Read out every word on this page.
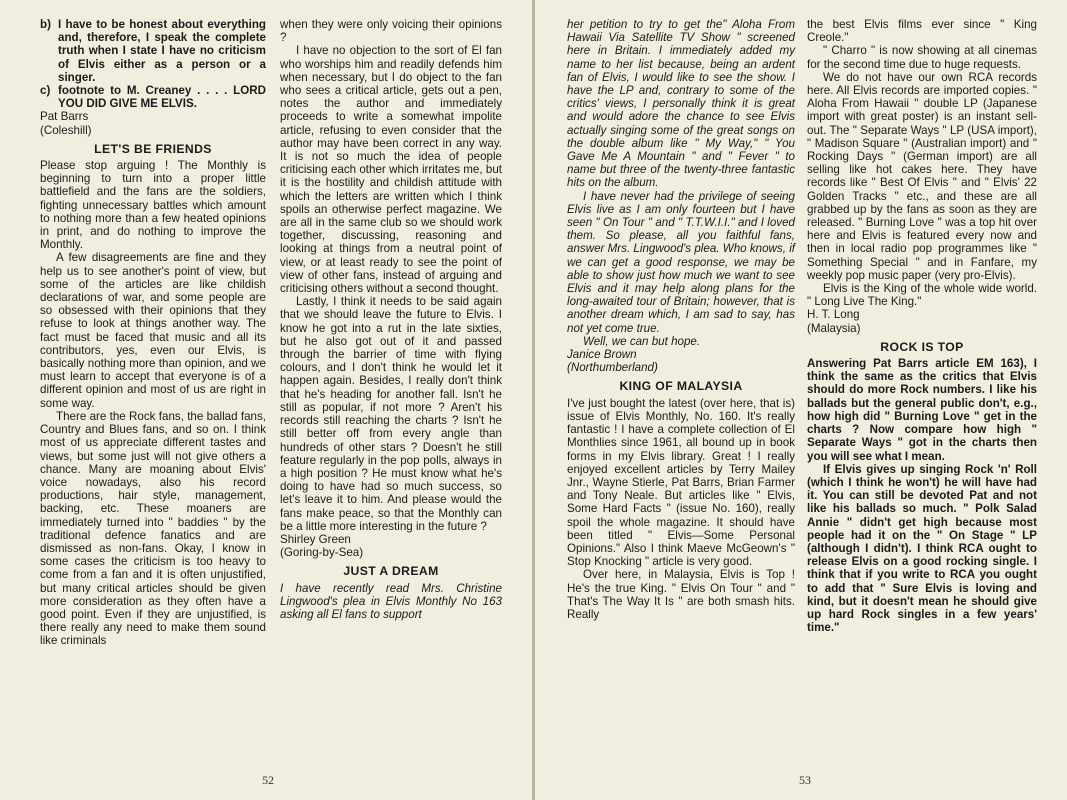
b) I have to be honest about everything and, therefore, I speak the complete truth when I state I have no criticism of Elvis either as a person or a singer.
c) footnote to M. Creaney . . . . LORD YOU DID GIVE ME ELVIS.

Pat Barrs

(Coleshill)

LET'S BE FRIENDS

Please stop arguing ! The Monthly is beginning to turn into a proper little battlefield and the fans are the soldiers, fighting unnecessary battles which amount to nothing more than a few heated opinions in print, and do nothing to improve the Monthly.

A few disagreements are fine and they help us to see another's point of view, but some of the articles are like childish declarations of war, and some people are so obsessed with their opinions that they refuse to look at things another way. The fact must be faced that music and all its contributors, yes, even our Elvis, is basically nothing more than opinion, and we must learn to accept that everyone is of a different opinion and most of us are right in some way.

There are the Rock fans, the ballad fans, Country and Blues fans, and so on. I think most of us appreciate different tastes and views, but some just will not give others a chance. Many are moaning about Elvis' voice nowadays, also his record productions, hair style, management, backing, etc. These moaners are immediately turned into " baddies " by the traditional defence fanatics and are dismissed as non-fans. Okay, I know in some cases the criticism is too heavy to come from a fan and it is often unjustified, but many critical articles should be given more consideration as they often have a good point. Even if they are unjustified, is there really any need to make them sound like criminals

when they were only voicing their opinions ?

I have no objection to the sort of El fan who worships him and readily defends him when necessary, but I do object to the fan who sees a critical article, gets out a pen, notes the author and immediately proceeds to write a somewhat impolite article, refusing to even consider that the author may have been correct in any way. It is not so much the idea of people criticising each other which irritates me, but it is the hostility and childish attitude with which the letters are written which I think spoils an otherwise perfect magazine. We are all in the same club so we should work together, discussing, reasoning and looking at things from a neutral point of view, or at least ready to see the point of view of other fans, instead of arguing and criticising others without a second thought.

Lastly, I think it needs to be said again that we should leave the future to Elvis. I know he got into a rut in the late sixties, but he also got out of it and passed through the barrier of time with flying colours, and I don't think he would let it happen again. Besides, I really don't think that he's heading for another fall. Isn't he still as popular, if not more ? Aren't his records still reaching the charts ? Isn't he still better off from every angle than hundreds of other stars ? Doesn't he still feature regularly in the pop polls, always in a high position ? He must know what he's doing to have had so much success, so let's leave it to him. And please would the fans make peace, so that the Monthly can be a little more interesting in the future ?

Shirley Green

(Goring-by-Sea)

JUST A DREAM

I have recently read Mrs. Christine Lingwood's plea in Elvis Monthly No 163 asking all El fans to support

52

her petition to try to get the" Aloha From Hawaii Via Satellite TV Show " screened here in Britain. I immediately added my name to her list because, being an ardent fan of Elvis, I would like to see the show. I have the LP and, contrary to some of the critics' views, I personally think it is great and would adore the chance to see Elvis actually singing some of the great songs on the double album like " My Way," " You Gave Me A Mountain " and " Fever " to name but three of the twenty-three fantastic hits on the album.

I have never had the privilege of seeing Elvis live as I am only fourteen but I have seen " On Tour " and " T.T.W.I.I." and I loved them. So please, all you faithful fans, answer Mrs. Lingwood's plea. Who knows, if we can get a good response, we may be able to show just how much we want to see Elvis and it may help along plans for the long-awaited tour of Britain; however, that is another dream which, I am sad to say, has not yet come true.

Well, we can but hope.

Janice Brown

(Northumberland)

KING OF MALAYSIA

I've just bought the latest (over here, that is) issue of Elvis Monthly, No. 160. It's really fantastic ! I have a complete collection of El Monthlies since 1961, all bound up in book forms in my Elvis library. Great ! I really enjoyed excellent articles by Terry Mailey Jnr., Wayne Stierle, Pat Barrs, Brian Farmer and Tony Neale. But articles like " Elvis, Some Hard Facts " (issue No. 160), really spoil the whole magazine. It should have been titled " Elvis—Some Personal Opinions." Also I think Maeve McGeown's " Stop Knocking " article is very good.

Over here, in Malaysia, Elvis is Top ! He's the true King. " Elvis On Tour " and " That's The Way It Is " are both smash hits. Really

the best Elvis films ever since " King Creole."

" Charro " is now showing at all cinemas for the second time due to huge requests.

We do not have our own RCA records here. All Elvis records are imported copies. " Aloha From Hawaii " double LP (Japanese import with great poster) is an instant sell-out. The " Separate Ways " LP (USA import), " Madison Square " (Australian import) and " Rocking Days " (German import) are all selling like hot cakes here. They have records like " Best Of Elvis " and " Elvis' 22 Golden Tracks " etc., and these are all grabbed up by the fans as soon as they are released. " Burning Love " was a top hit over here and Elvis is featured every now and then in local radio pop programmes like " Something Special " and in Fanfare, my weekly pop music paper (very pro-Elvis).

Elvis is the King of the whole wide world. " Long Live The King."

H. T. Long

(Malaysia)

ROCK IS TOP

Answering Pat Barrs article EM 163), I think the same as the critics that Elvis should do more Rock numbers. I like his ballads but the general public don't, e.g., how high did " Burning Love " get in the charts ? Now compare how high " Separate Ways " got in the charts then you will see what I mean.

If Elvis gives up singing Rock 'n' Roll (which I think he won't) he will have had it. You can still be devoted Pat and not like his ballads so much. " Polk Salad Annie " didn't get high because most people had it on the " On Stage " LP (although I didn't). I think RCA ought to release Elvis on a good rocking single. I think that if you write to RCA you ought to add that " Sure Elvis is loving and kind, but it doesn't mean he should give up hard Rock singles in a few years' time."

53
